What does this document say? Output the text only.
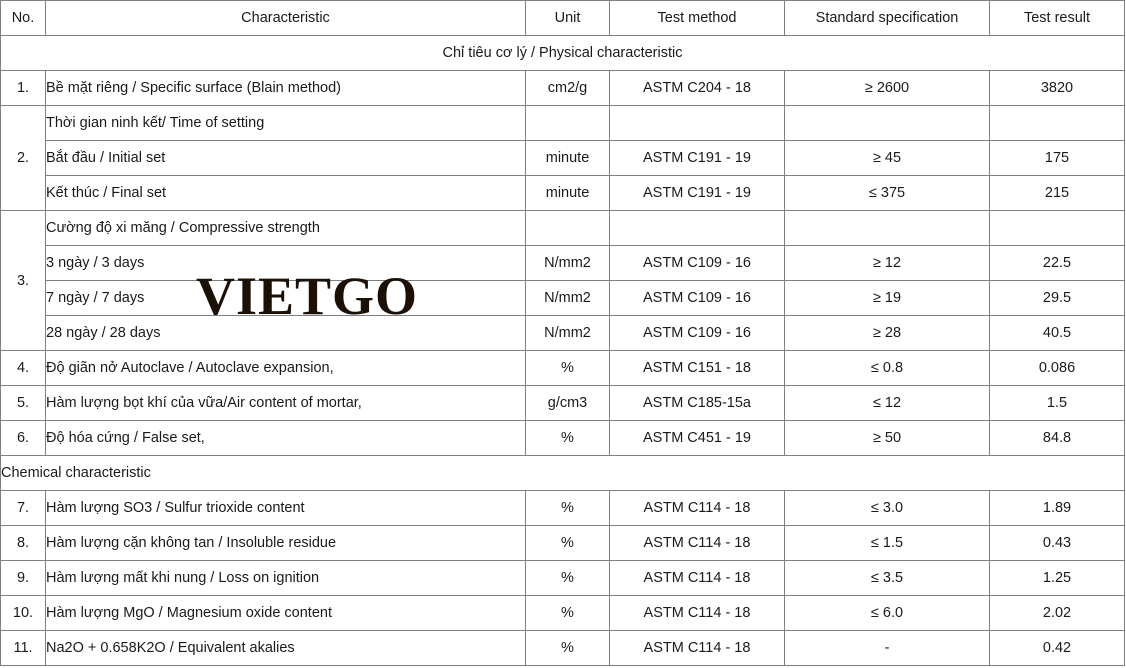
No.	Characteristic	Unit	Test method	Standard specification	Test result
Chỉ tiêu cơ lý / Physical characteristic					
1.	Bề mặt riêng / Specific surface (Blain method)	cm2/g	ASTM C204 - 18	≥ 2600	3820
2.	Thời gian ninh kết/ Time of setting				
	Bắt đầu / Initial set	minute	ASTM C191 - 19	≥ 45	175
	Kết thúc / Final set	minute	ASTM C191 - 19	≤ 375	215
3.	Cường độ xi măng / Compressive strength				
	3 ngày / 3 days	N/mm2	ASTM C109 - 16	≥ 12	22.5
	7 ngày / 7 days	N/mm2	ASTM C109 - 16	≥ 19	29.5
	28 ngày / 28 days	N/mm2	ASTM C109 - 16	≥ 28	40.5
4.	Độ giãn nở Autoclave / Autoclave expansion,	%	ASTM C151 - 18	≤ 0.8	0.086
5.	Hàm lượng bọt khí của vữa/Air content of mortar,	g/cm3	ASTM C185-15a	≤ 12	1.5
6.	Độ hóa cứng / False set,	%	ASTM C451 - 19	≥ 50	84.8
Chemical characteristic					
7.	Hàm lượng SO3 / Sulfur trioxide content	%	ASTM C114 - 18	≤ 3.0	1.89
8.	Hàm lượng cặn không tan / Insoluble residue	%	ASTM C114 - 18	≤ 1.5	0.43
9.	Hàm lượng mất khi nung / Loss on ignition	%	ASTM C114 - 18	≤ 3.5	1.25
10.	Hàm lượng MgO / Magnesium oxide content	%	ASTM C114 - 18	≤ 6.0	2.02
11.	Na2O + 0.658K2O / Equivalent akalies	%	ASTM C114 - 18	-	0.42
VIETGO
